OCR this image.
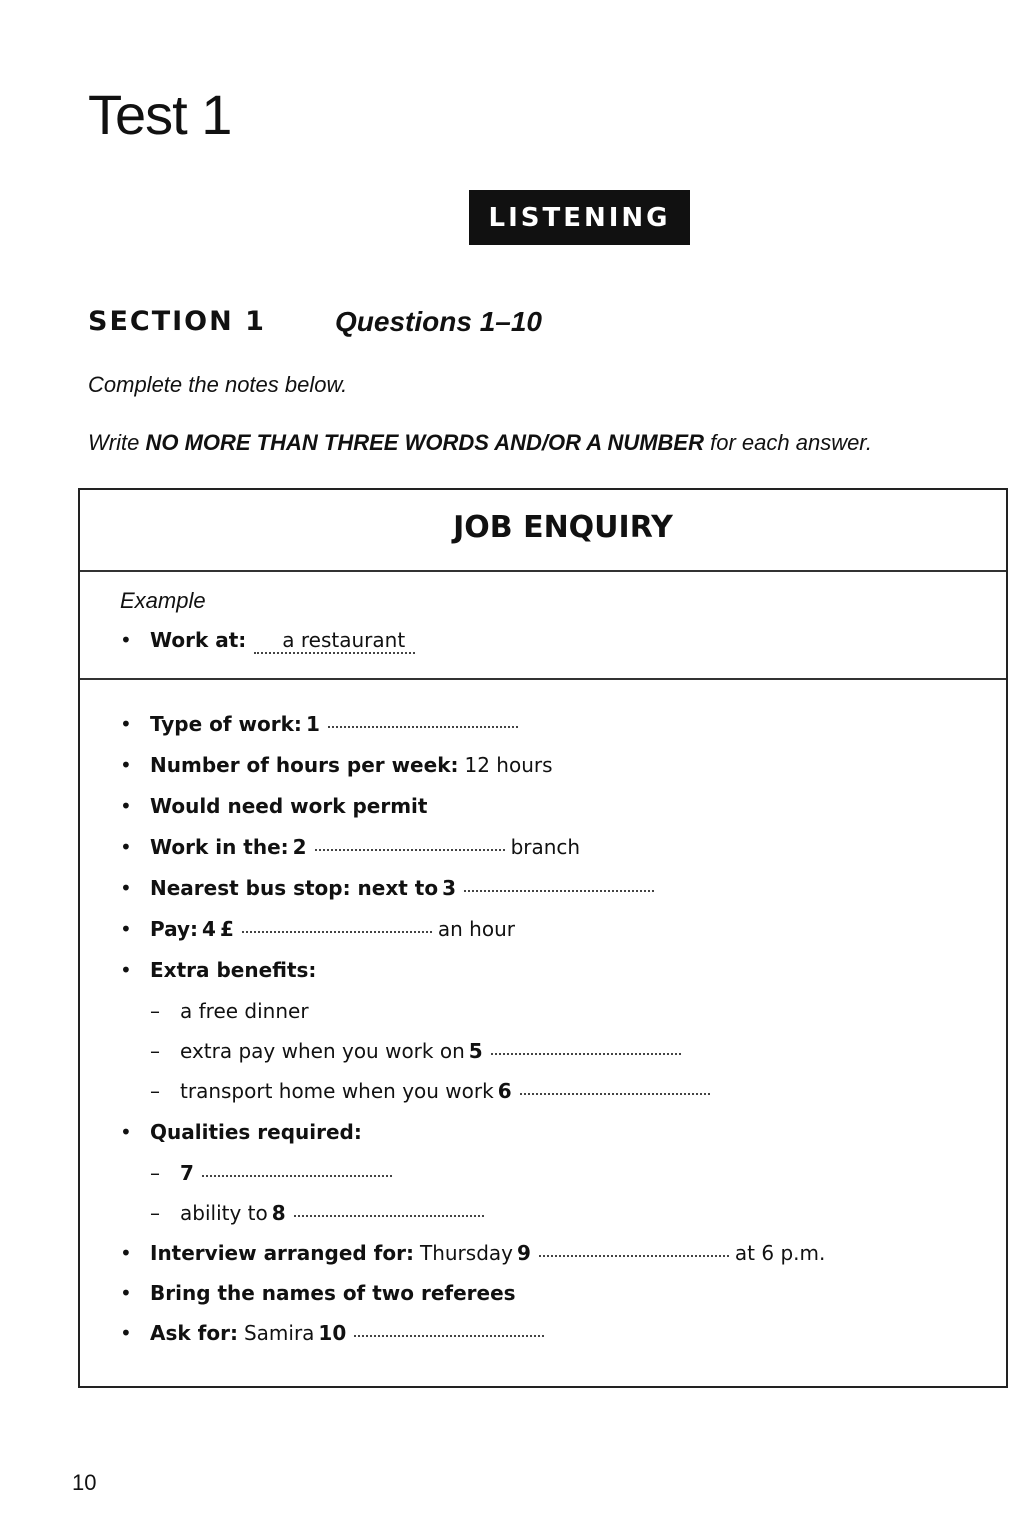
Test 1
LISTENING
SECTION 1 Questions 1–10
Complete the notes below.
Write NO MORE THAN THREE WORDS AND/OR A NUMBER for each answer.
JOB ENQUIRY
Example
• Work at:	a restaurant
• Type of work: 1
• Number of hours per week: 12 hours
• Would need work permit
• Work in the: 2	branch
• Nearest bus stop: next to 3
• Pay: 4 £	an hour
• Extra benefits:
–	a free dinner
–	extra pay when you work on 5
–	transport home when you work 6
• Qualities required:
–	7
–	ability to 8
• Interview arranged for: Thursday 9	at 6 p.m.
• Bring the names of two referees
• Ask for: Samira 10
10
